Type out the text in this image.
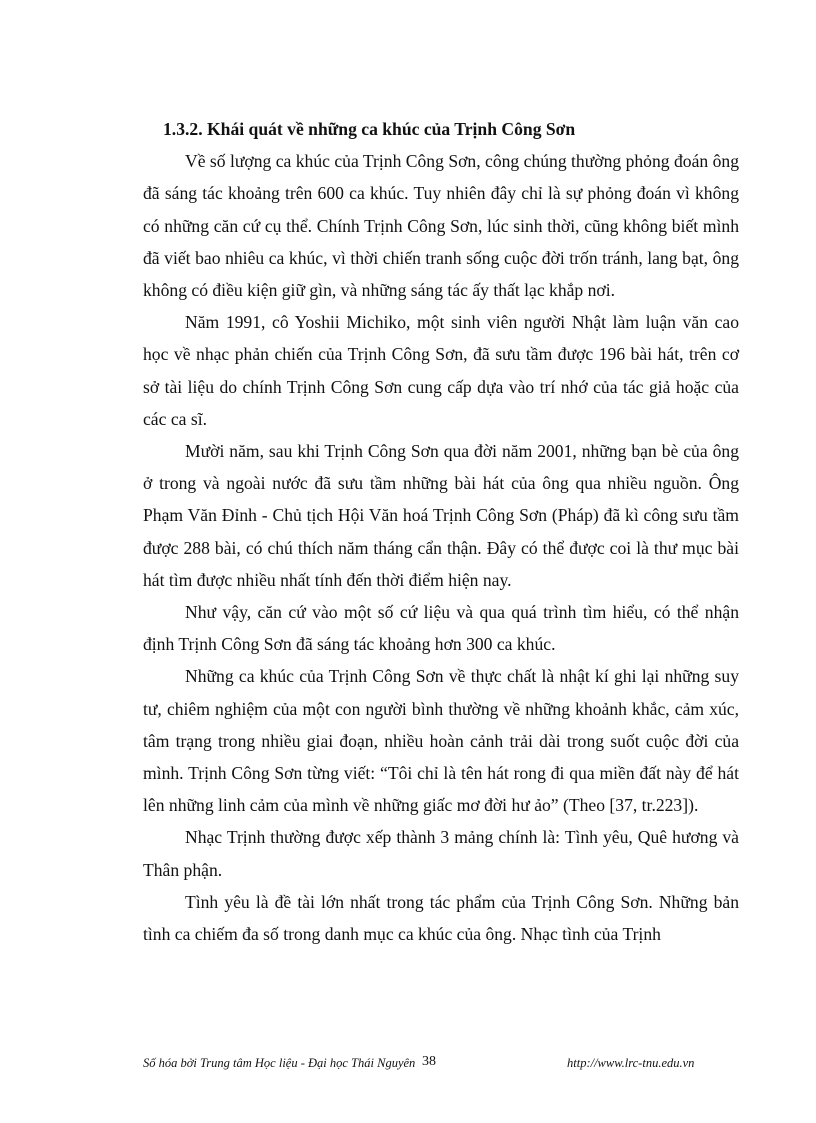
1.3.2. Khái quát về những ca khúc của Trịnh Công Sơn

Về số lượng ca khúc của Trịnh Công Sơn, công chúng thường phỏng đoán ông đã sáng tác khoảng trên 600 ca khúc. Tuy nhiên đây chỉ là sự phỏng đoán vì không có những căn cứ cụ thể. Chính Trịnh Công Sơn, lúc sinh thời, cũng không biết mình đã viết bao nhiêu ca khúc, vì thời chiến tranh sống cuộc đời trốn tránh, lang bạt, ông không có điều kiện giữ gìn, và những sáng tác ấy thất lạc khắp nơi.

Năm 1991, cô Yoshii Michiko, một sinh viên người Nhật làm luận văn cao học về nhạc phản chiến của Trịnh Công Sơn, đã sưu tầm được 196 bài hát, trên cơ sở tài liệu do chính Trịnh Công Sơn cung cấp dựa vào trí nhớ của tác giả hoặc của các ca sĩ.

Mười năm, sau khi Trịnh Công Sơn qua đời năm 2001, những bạn bè của ông ở trong và ngoài nước đã sưu tầm những bài hát của ông qua nhiều nguồn. Ông Phạm Văn Đỉnh - Chủ tịch Hội Văn hoá Trịnh Công Sơn (Pháp) đã kì công sưu tầm được 288 bài, có chú thích năm tháng cẩn thận. Đây có thể được coi là thư mục bài hát tìm được nhiều nhất tính đến thời điểm hiện nay.

Như vậy, căn cứ vào một số cứ liệu và qua quá trình tìm hiểu, có thể nhận định Trịnh Công Sơn đã sáng tác khoảng hơn 300 ca khúc.

Những ca khúc của Trịnh Công Sơn về thực chất là nhật kí ghi lại những suy tư, chiêm nghiệm của một con người bình thường về những khoảnh khắc, cảm xúc, tâm trạng trong nhiều giai đoạn, nhiều hoàn cảnh trải dài trong suốt cuộc đời của mình. Trịnh Công Sơn từng viết: “Tôi chỉ là tên hát rong đi qua miền đất này để hát lên những linh cảm của mình về những giấc mơ đời hư ảo” (Theo [37, tr.223]).

Nhạc Trịnh thường được xếp thành 3 mảng chính là: Tình yêu, Quê hương và Thân phận.

Tình yêu là đề tài lớn nhất trong tác phẩm của Trịnh Công Sơn. Những bản tình ca chiếm đa số trong danh mục ca khúc của ông. Nhạc tình của Trịnh

Số hóa bởi Trung tâm Học liệu - Đại học Thái Nguyên 38	http://www.lrc-tnu.edu.vn
